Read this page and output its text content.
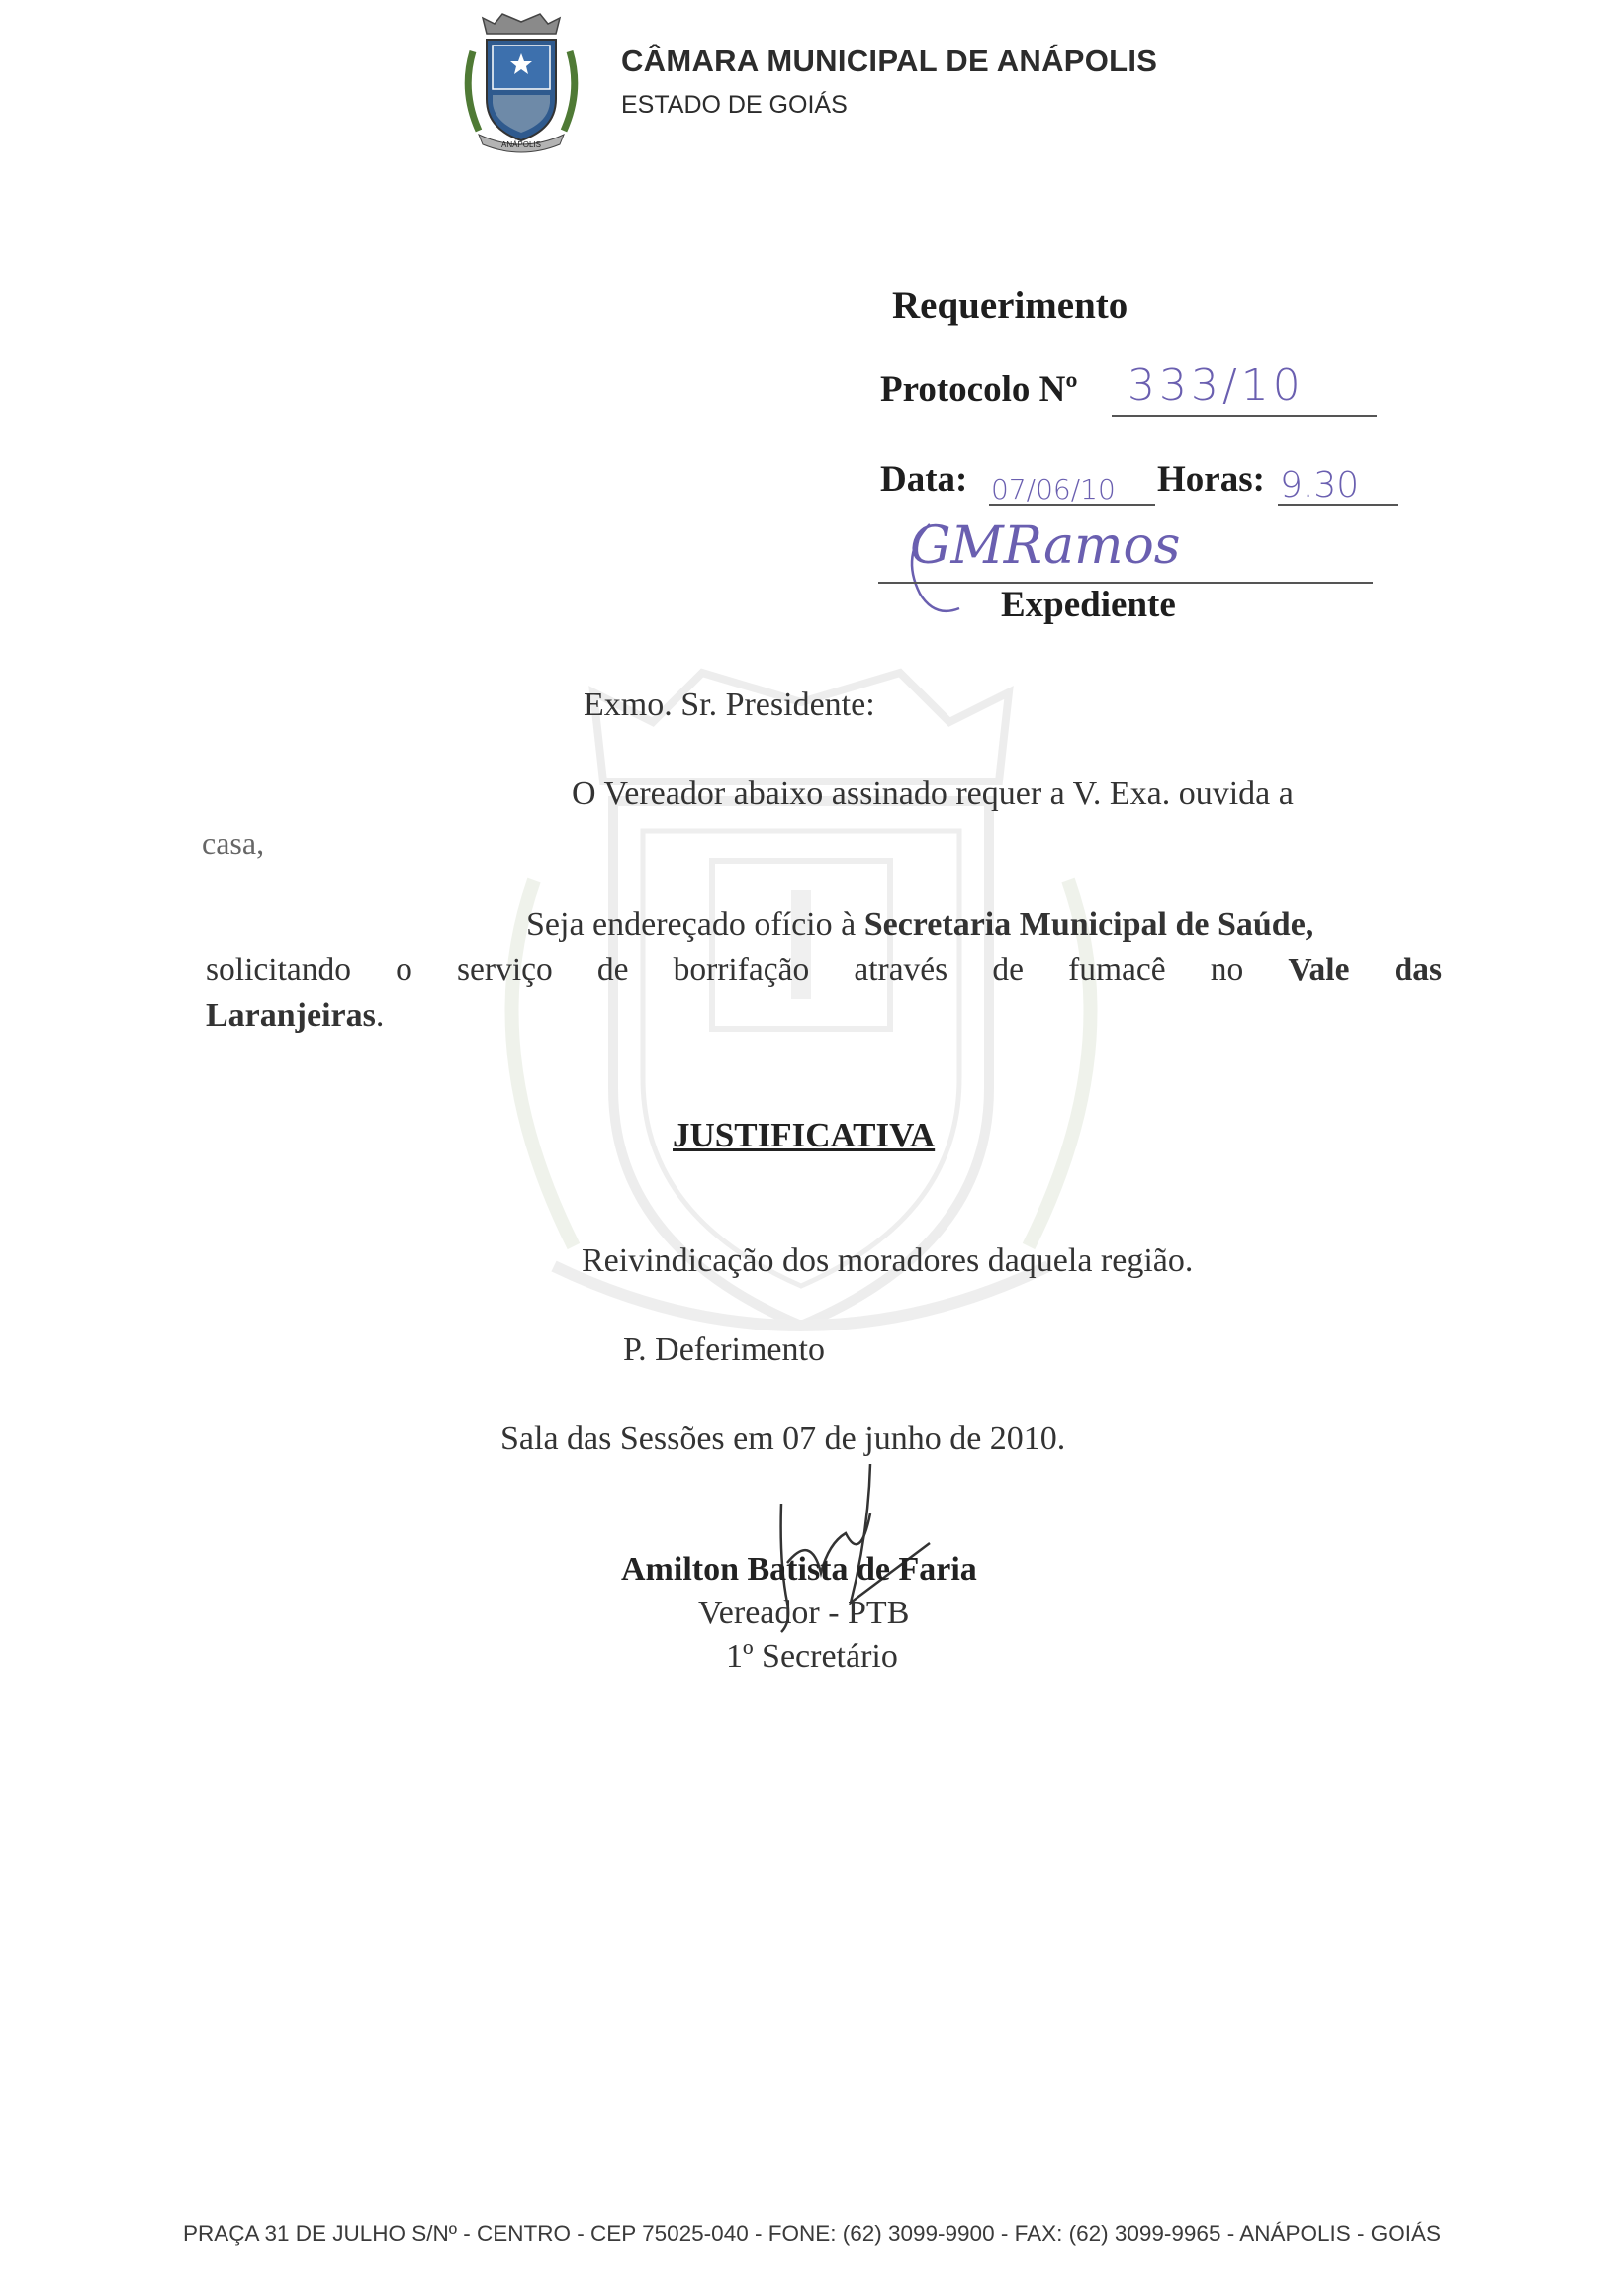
ANÁPOLIS
CÂMARA MUNICIPAL DE ANÁPOLIS
ESTADO DE GOIÁS
Requerimento
Protocolo Nº 333/10
Data: 07/06/10 Horas: 9.30
GMRamos
Expediente
Exmo. Sr. Presidente:
O Vereador abaixo assinado requer a V. Exa. ouvida a
casa,
Seja endereçado ofício à Secretaria Municipal de Saúde,
solicitando o serviço de borrifação através de fumacê no Vale das
Laranjeiras.
JUSTIFICATIVA
Reivindicação dos moradores daquela região.
P. Deferimento
Sala das Sessões em 07 de junho de 2010.
Amilton Batista de Faria
Vereador - PTB
1º Secretário
PRAÇA 31 DE JULHO S/Nº - CENTRO - CEP 75025-040 - FONE: (62) 3099-9900 - FAX: (62) 3099-9965 - ANÁPOLIS - GOIÁS
